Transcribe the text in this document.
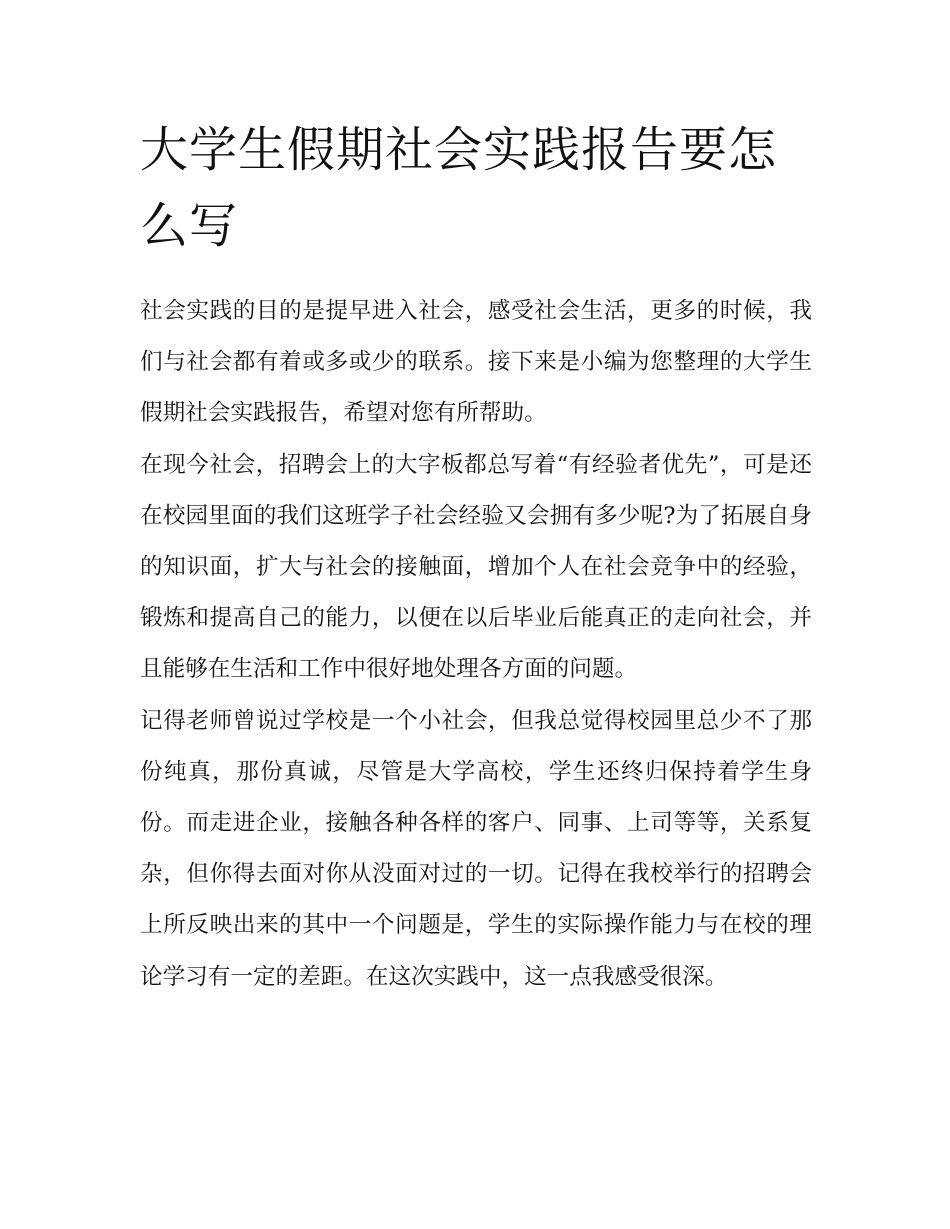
大学生假期社会实践报告要怎么写

社会实践的目的是提早进入社会，感受社会生活，更多的时候，我们与社会都有着或多或少的联系。接下来是小编为您整理的大学生假期社会实践报告，希望对您有所帮助。

在现今社会，招聘会上的大字板都总写着“有经验者优先”，可是还在校园里面的我们这班学子社会经验又会拥有多少呢?为了拓展自身的知识面，扩大与社会的接触面，增加个人在社会竞争中的经验，锻炼和提高自己的能力，以便在以后毕业后能真正的走向社会，并且能够在生活和工作中很好地处理各方面的问题。

记得老师曾说过学校是一个小社会，但我总觉得校园里总少不了那份纯真，那份真诚，尽管是大学高校，学生还终归保持着学生身份。而走进企业，接触各种各样的客户、同事、上司等等，关系复杂，但你得去面对你从没面对过的一切。记得在我校举行的招聘会上所反映出来的其中一个问题是，学生的实际操作能力与在校的理论学习有一定的差距。在这次实践中，这一点我感受很深。
